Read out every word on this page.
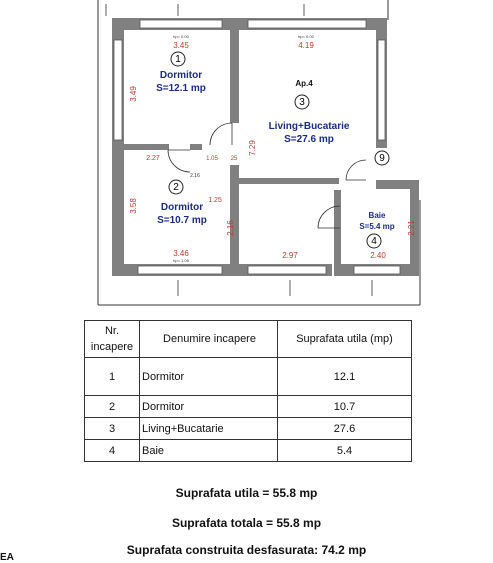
1
3
2
4
9
Dormitor
S=12.1 mp	Ap.4
Living+Bucatarie
S=27.6 mp
Dormitor
S=10.7 mp	Baie
S=5.4 mp
3.45	4.19
3.46	2.97	2.40
2.27	1.05 25
1.25
2.16
3.49
3.58
7.29
2.16	2.21
hp= 0.00	hp= 0.00
hp= 1.05
Nr.
incapere	Denumire incapere	Suprafata utila (mp)
1	Dormitor	12.1
2	Dormitor	10.7
3	Living+Bucatarie	27.6
4	Baie	5.4
Suprafata utila = 55.8 mp
Suprafata totala = 55.8 mp
Suprafata construita desfasurata: 74.2 mp
EA
